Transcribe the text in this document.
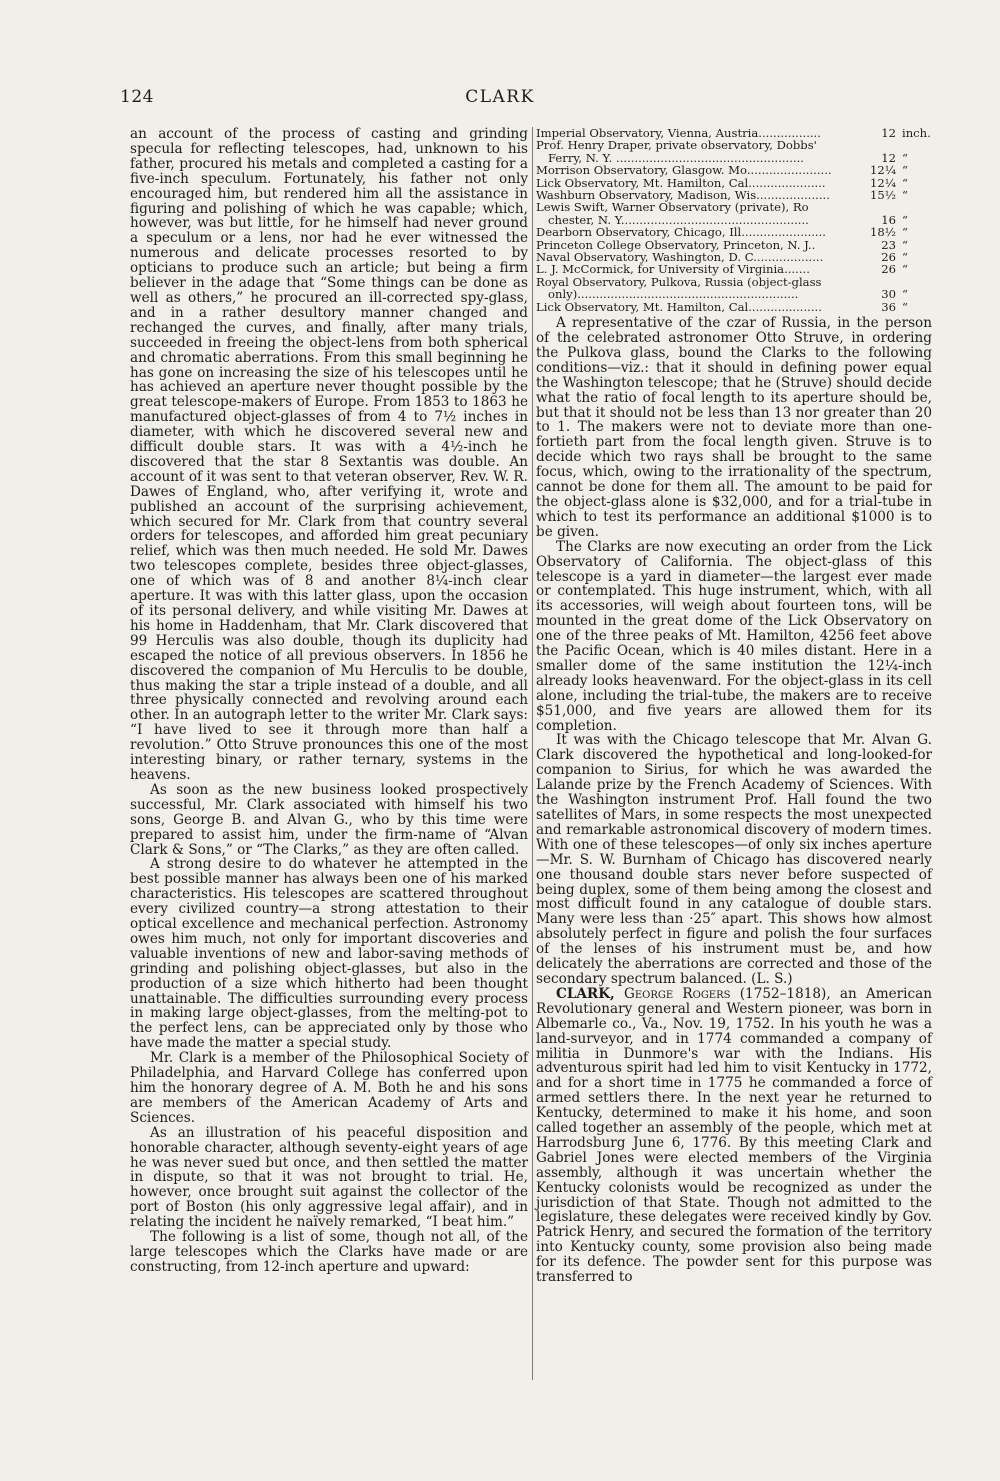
124	CLARK

an account of the process of casting and grinding specula for reflecting telescopes, had, unknown to his father, procured his metals and completed a casting for a five-inch speculum. Fortunately, his father not only encouraged him, but rendered him all the assistance in figuring and polishing of which he was capable; which, however, was but little, for he himself had never ground a speculum or a lens, nor had he ever witnessed the numerous and delicate processes resorted to by opticians to produce such an article; but being a firm believer in the adage that “Some things can be done as well as others,” he procured an ill-corrected spy-glass, and in a rather desultory manner changed and rechanged the curves, and finally, after many trials, succeeded in freeing the object-lens from both spherical and chromatic aberrations. From this small beginning he has gone on increasing the size of his telescopes until he has achieved an aperture never thought possible by the great telescope-makers of Europe. From 1853 to 1863 he manufactured object-glasses of from 4 to 7½ inches in diameter, with which he discovered several new and difficult double stars. It was with a 4½-inch he discovered that the star 8 Sextantis was double. An account of it was sent to that veteran observer, Rev. W. R. Dawes of England, who, after verifying it, wrote and published an account of the surprising achievement, which secured for Mr. Clark from that country several orders for telescopes, and afforded him great pecuniary relief, which was then much needed. He sold Mr. Dawes two telescopes complete, besides three object-glasses, one of which was of 8 and another 8¼-inch clear aperture. It was with this latter glass, upon the occasion of its personal delivery, and while visiting Mr. Dawes at his home in Haddenham, that Mr. Clark discovered that 99 Herculis was also double, though its duplicity had escaped the notice of all previous observers. In 1856 he discovered the companion of Mu Herculis to be double, thus making the star a triple instead of a double, and all three physically connected and revolving around each other. In an autograph letter to the writer Mr. Clark says: “I have lived to see it through more than half a revolution.” Otto Struve pronounces this one of the most interesting binary, or rather ternary, systems in the heavens.

As soon as the new business looked prospectively successful, Mr. Clark associated with himself his two sons, George B. and Alvan G., who by this time were prepared to assist him, under the firm-name of “Alvan Clark & Sons,” or “The Clarks,” as they are often called.

A strong desire to do whatever he attempted in the best possible manner has always been one of his marked characteristics. His telescopes are scattered throughout every civilized country—a strong attestation to their optical excellence and mechanical perfection. Astronomy owes him much, not only for important discoveries and valuable inventions of new and labor-saving methods of grinding and polishing object-glasses, but also in the production of a size which hitherto had been thought unattainable. The difficulties surrounding every process in making large object-glasses, from the melting-pot to the perfect lens, can be appreciated only by those who have made the matter a special study.

Mr. Clark is a member of the Philosophical Society of Philadelphia, and Harvard College has conferred upon him the honorary degree of A. M. Both he and his sons are members of the American Academy of Arts and Sciences.

As an illustration of his peaceful disposition and honorable character, although seventy-eight years of age he was never sued but once, and then settled the matter in dispute, so that it was not brought to trial. He, however, once brought suit against the collector of the port of Boston (his only aggressive legal affair), and in relating the incident he naïvely remarked, “I beat him.”

The following is a list of some, though not all, of the large telescopes which the Clarks have made or are constructing, from 12-inch aperture and upward:

Imperial Observatory, Vienna, Austria.................	12	inch.
Prof. Henry Draper, private observatory, Dobbs'		
Ferry, N. Y. ...................................................	12	“
Morrison Observatory, Glasgow. Mo.......................	12¼	“
Lick Observatory, Mt. Hamilton, Cal.....................	12¼	“
Washburn Observatory, Madison, Wis....................	15½	“
Lewis Swift, Warner Observatory (private), Ro		
chester, N. Y...................................................	16	“
Dearborn Observatory, Chicago, Ill.......................	18½	“
Princeton College Observatory, Princeton, N. J..	23	“
Naval Observatory, Washington, D. C...................	26	“
L. J. McCormick, for University of Virginia.......	26	“
Royal Observatory, Pulkova, Russia (object-glass		
only)............................................................	30	“
Lick Observatory, Mt. Hamilton, Cal....................	36	“

A representative of the czar of Russia, in the person of the celebrated astronomer Otto Struve, in ordering the Pulkova glass, bound the Clarks to the following conditions—viz.: that it should in defining power equal the Washington telescope; that he (Struve) should decide what the ratio of focal length to its aperture should be, but that it should not be less than 13 nor greater than 20 to 1. The makers were not to deviate more than one-fortieth part from the focal length given. Struve is to decide which two rays shall be brought to the same focus, which, owing to the irrationality of the spectrum, cannot be done for them all. The amount to be paid for the object-glass alone is $32,000, and for a trial-tube in which to test its performance an additional $1000 is to be given.

The Clarks are now executing an order from the Lick Observatory of California. The object-glass of this telescope is a yard in diameter—the largest ever made or contemplated. This huge instrument, which, with all its accessories, will weigh about fourteen tons, will be mounted in the great dome of the Lick Observatory on one of the three peaks of Mt. Hamilton, 4256 feet above the Pacific Ocean, which is 40 miles distant. Here in a smaller dome of the same institution the 12¼-inch already looks heavenward. For the object-glass in its cell alone, including the trial-tube, the makers are to receive $51,000, and five years are allowed them for its completion.

It was with the Chicago telescope that Mr. Alvan G. Clark discovered the hypothetical and long-looked-for companion to Sirius, for which he was awarded the Lalande prize by the French Academy of Sciences. With the Washington instrument Prof. Hall found the two satellites of Mars, in some respects the most unexpected and remarkable astronomical discovery of modern times. With one of these telescopes—of only six inches aperture—Mr. S. W. Burnham of Chicago has discovered nearly one thousand double stars never before suspected of being duplex, some of them being among the closest and most difficult found in any catalogue of double stars. Many were less than ·25″ apart. This shows how almost absolutely perfect in figure and polish the four surfaces of the lenses of his instrument must be, and how delicately the aberrations are corrected and those of the secondary spectrum balanced. (L. S.)

CLARK, George Rogers (1752–1818), an American Revolutionary general and Western pioneer, was born in Albemarle co., Va., Nov. 19, 1752. In his youth he was a land-surveyor, and in 1774 commanded a company of militia in Dunmore's war with the Indians. His adventurous spirit had led him to visit Kentucky in 1772, and for a short time in 1775 he commanded a force of armed settlers there. In the next year he returned to Kentucky, determined to make it his home, and soon called together an assembly of the people, which met at Harrodsburg June 6, 1776. By this meeting Clark and Gabriel Jones were elected members of the Virginia assembly, although it was uncertain whether the Kentucky colonists would be recognized as under the jurisdiction of that State. Though not admitted to the legislature, these delegates were received kindly by Gov. Patrick Henry, and secured the formation of the territory into Kentucky county, some provision also being made for its defence. The powder sent for this purpose was transferred to
